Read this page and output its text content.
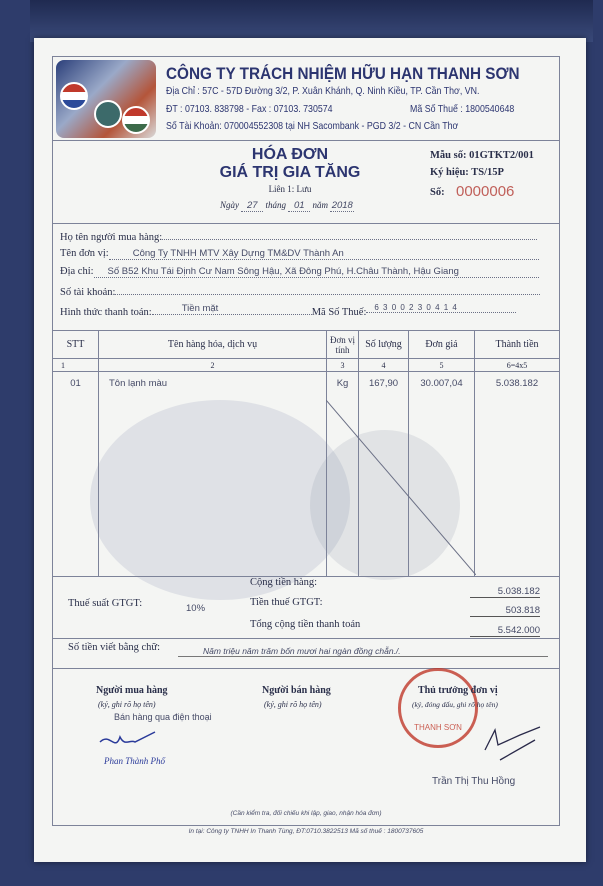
CÔNG TY TRÁCH NHIỆM HỮU HẠN THANH SƠN
Địa Chỉ : 57C - 57D Đường 3/2, P. Xuân Khánh, Q. Ninh Kiều, TP. Cần Thơ, VN.
ĐT : 07103. 838798 - Fax : 07103. 730574	Mã Số Thuế : 1800540648
Số Tài Khoản: 070004552308 tại NH Sacombank - PGD 3/2 - CN Cần Thơ
HÓA ĐƠN
GIÁ TRỊ GIA TĂNG
Liên 1: Lưu
Ngày 27 tháng 01 năm 2018
Mẫu số: 01GTKT2/001
Ký hiệu: TS/15P
Số: 0000006
Họ tên người mua hàng:
Tên đơn vị:	Công Ty TNHH MTV Xây Dựng TM&DV Thành An
Địa chỉ: Số B52 Khu Tái Định Cư Nam Sông Hậu, Xã Đông Phú, H.Châu Thành, Hậu Giang
Số tài khoản:
Hình thức thanh toán:	Tiền mặt	Mã Số Thuế: 6 3 0 0 2 3 0 4 1 4
STT	Tên hàng hóa, dịch vụ	Đơn vị tính	Số lượng	Đơn giá	Thành tiền
1	2	3	4	5	6=4x5
01	Tôn lạnh màu	Kg	167,90	30.007,04	5.038.182
Cộng tiền hàng:
5.038.182
Thuế suất GTGT:	10%
Tiền thuế GTGT:
503.818
Tổng cộng tiền thanh toán
5.542.000
Số tiền viết bằng chữ:	Năm triệu năm trăm bốn mươi hai ngàn đồng chẵn./.
Người mua hàng
(ký, ghi rõ họ tên)
Bán hàng qua điện thoại
Phan Thành Phố
Người bán hàng
(ký, ghi rõ họ tên)
THANH SƠN
Thủ trưởng đơn vị
(ký, đóng dấu, ghi rõ họ tên)
Trần Thị Thu Hồng
(Cần kiểm tra, đối chiếu khi lập, giao, nhận hóa đơn)
In tại: Công ty TNHH In Thanh Tùng, ĐT:0710.3822513 Mã số thuế : 1800737605
